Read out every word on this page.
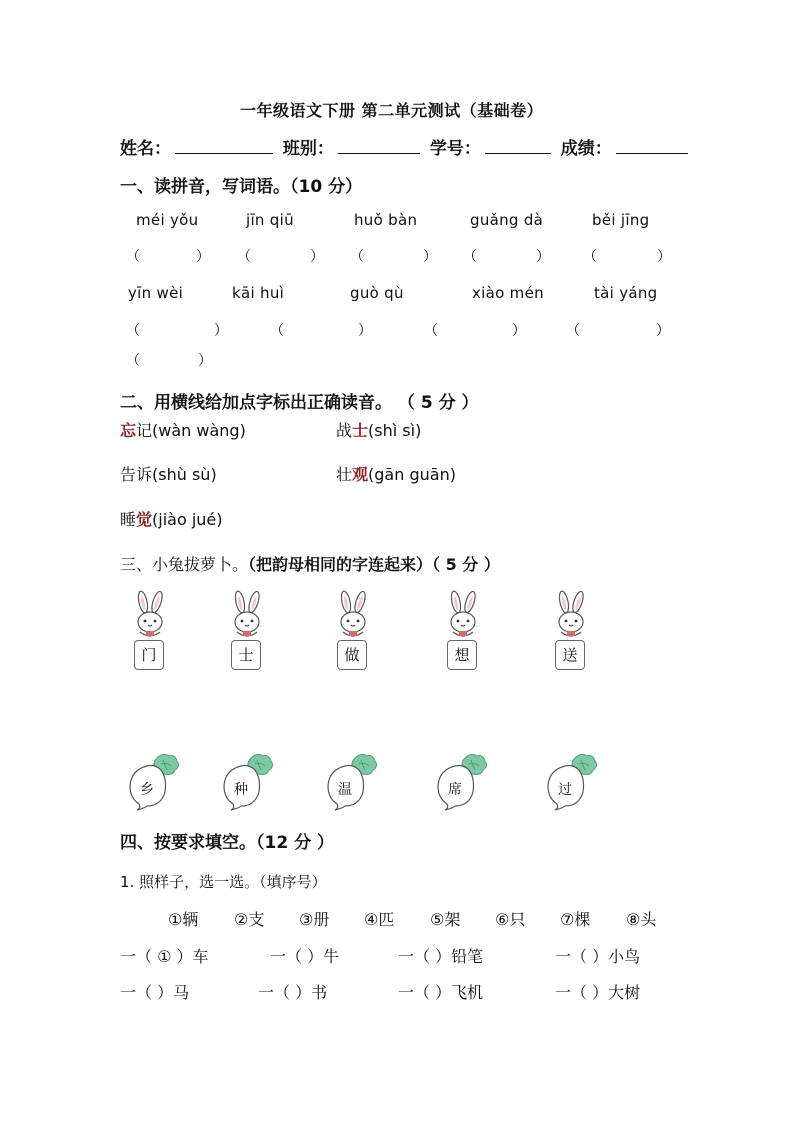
一年级语文下册 第二单元测试（基础卷）
姓名：	班别：	学号：	成绩：
一、读拼音，写词语。（10 分）
méi yǒu	jīn qiū	huǒ bàn	guǎng dà	běi jīng
（	） （	） （	） （	） （	）
yīn wèi	kāi huì	guò qù	xiào mén	tài yáng
（	）	（	）	（	）	（	）
（	）
二、用横线给加点字标出正确读音。 （ 5 分 ）
忘记(wàn wàng)	战士(shì sì)
告诉(shù sù)	壮观(gān guān)
睡觉(jiào jué)
三、小兔拔萝卜。（把韵母相同的字连起来）（ 5 分 ）
门	士	做	想	送
乡	种	温	席	过
四、按要求填空。（12 分 ）
1. 照样子，选一选。（填序号）
①辆 ②支 ③册 ④匹 ⑤架 ⑥只 ⑦棵 ⑧头
一（ ① ）车	一（ ）牛	一（ ）铅笔	一（ ）小鸟
一（ ）马	一（ ）书	一（ ）飞机	一（ ）大树
